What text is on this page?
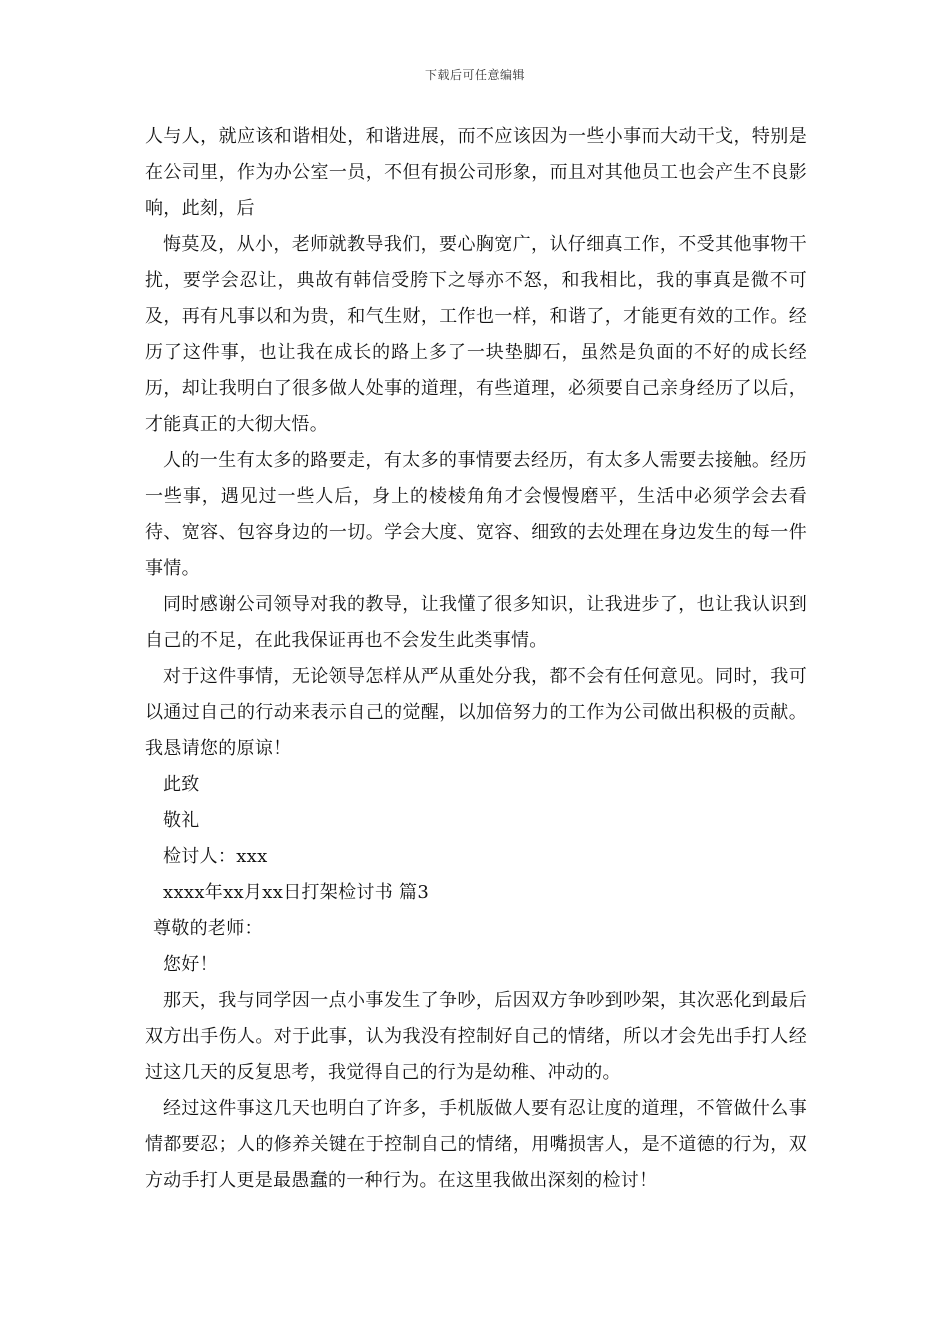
下载后可任意编辑

人与人，就应该和谐相处，和谐进展，而不应该因为一些小事而大动干戈，特别是在公司里，作为办公室一员，不但有损公司形象，而且对其他员工也会产生不良影响，此刻，后

悔莫及，从小，老师就教导我们，要心胸宽广，认仔细真工作，不受其他事物干扰，要学会忍让，典故有韩信受胯下之辱亦不怒，和我相比，我的事真是微不可及，再有凡事以和为贵，和气生财，工作也一样，和谐了，才能更有效的工作。经历了这件事，也让我在成长的路上多了一块垫脚石，虽然是负面的不好的成长经历，却让我明白了很多做人处事的道理，有些道理，必须要自己亲身经历了以后，才能真正的大彻大悟。

人的一生有太多的路要走，有太多的事情要去经历，有太多人需要去接触。经历一些事，遇见过一些人后，身上的棱棱角角才会慢慢磨平，生活中必须学会去看待、宽容、包容身边的一切。学会大度、宽容、细致的去处理在身边发生的每一件事情。

同时感谢公司领导对我的教导，让我懂了很多知识，让我进步了，也让我认识到自己的不足，在此我保证再也不会发生此类事情。

对于这件事情，无论领导怎样从严从重处分我，都不会有任何意见。同时，我可以通过自己的行动来表示自己的觉醒，以加倍努力的工作为公司做出积极的贡献。我恳请您的原谅！

此致

敬礼

检讨人：xxx

xxxx年xx月xx日打架检讨书 篇3

尊敬的老师：

您好！

那天，我与同学因一点小事发生了争吵，后因双方争吵到吵架，其次恶化到最后双方出手伤人。对于此事，认为我没有控制好自己的情绪，所以才会先出手打人经过这几天的反复思考，我觉得自己的行为是幼稚、冲动的。

经过这件事这几天也明白了许多，手机版做人要有忍让度的道理，不管做什么事情都要忍；人的修养关键在于控制自己的情绪，用嘴损害人，是不道德的行为，双方动手打人更是最愚蠢的一种行为。在这里我做出深刻的检讨！
